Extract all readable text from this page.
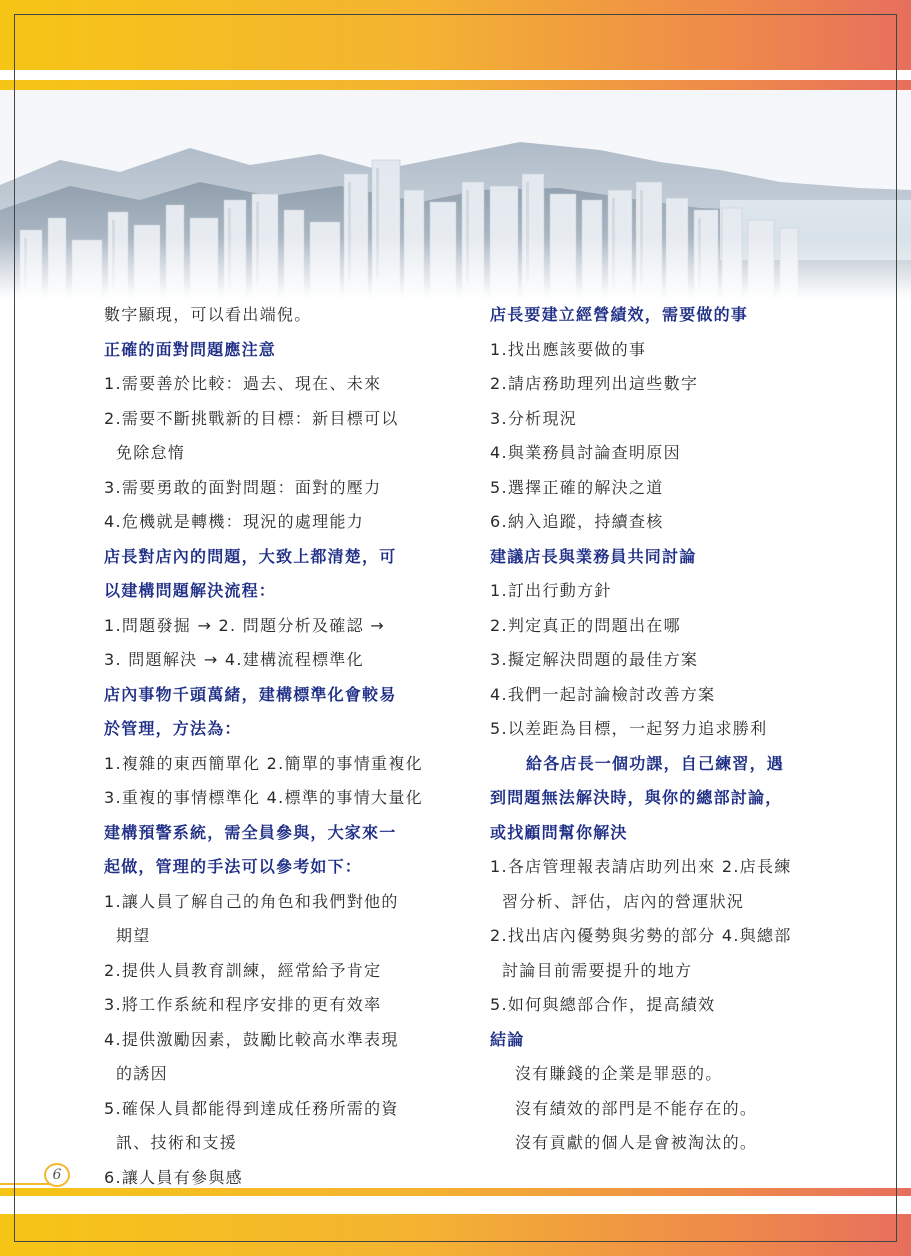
數字顯現，可以看出端倪。
正確的面對問題應注意
1.需要善於比較：過去、現在、未來
2.需要不斷挑戰新的目標：新目標可以
免除怠惰
3.需要勇敢的面對問題：面對的壓力
4.危機就是轉機：現況的處理能力
店長對店內的問題，大致上都清楚，可
以建構問題解決流程：
1.問題發掘 → 2. 問題分析及確認 →
3. 問題解決 → 4.建構流程標準化
店內事物千頭萬緒，建構標準化會較易
於管理，方法為：
1.複雜的東西簡單化 2.簡單的事情重複化
3.重複的事情標準化 4.標準的事情大量化
建構預警系統，需全員參與，大家來一
起做，管理的手法可以參考如下：
1.讓人員了解自己的角色和我們對他的
期望
2.提供人員教育訓練，經常給予肯定
3.將工作系統和程序安排的更有效率
4.提供激勵因素，鼓勵比較高水準表現
的誘因
5.確保人員都能得到達成任務所需的資
訊、技術和支援
6.讓人員有參與感
店長要建立經營績效，需要做的事
1.找出應該要做的事
2.請店務助理列出這些數字
3.分析現況
4.與業務員討論查明原因
5.選擇正確的解決之道
6.納入追蹤，持續查核
建議店長與業務員共同討論
1.訂出行動方針
2.判定真正的問題出在哪
3.擬定解決問題的最佳方案
4.我們一起討論檢討改善方案
5.以差距為目標，一起努力追求勝利
給各店長一個功課，自己練習，遇
到問題無法解決時，與你的總部討論，
或找顧問幫你解決
1.各店管理報表請店助列出來 2.店長練
習分析、評估，店內的營運狀況
2.找出店內優勢與劣勢的部分 4.與總部
討論目前需要提升的地方
5.如何與總部合作，提高績效
結論
沒有賺錢的企業是罪惡的。
沒有績效的部門是不能存在的。
沒有貢獻的個人是會被淘汰的。
6
